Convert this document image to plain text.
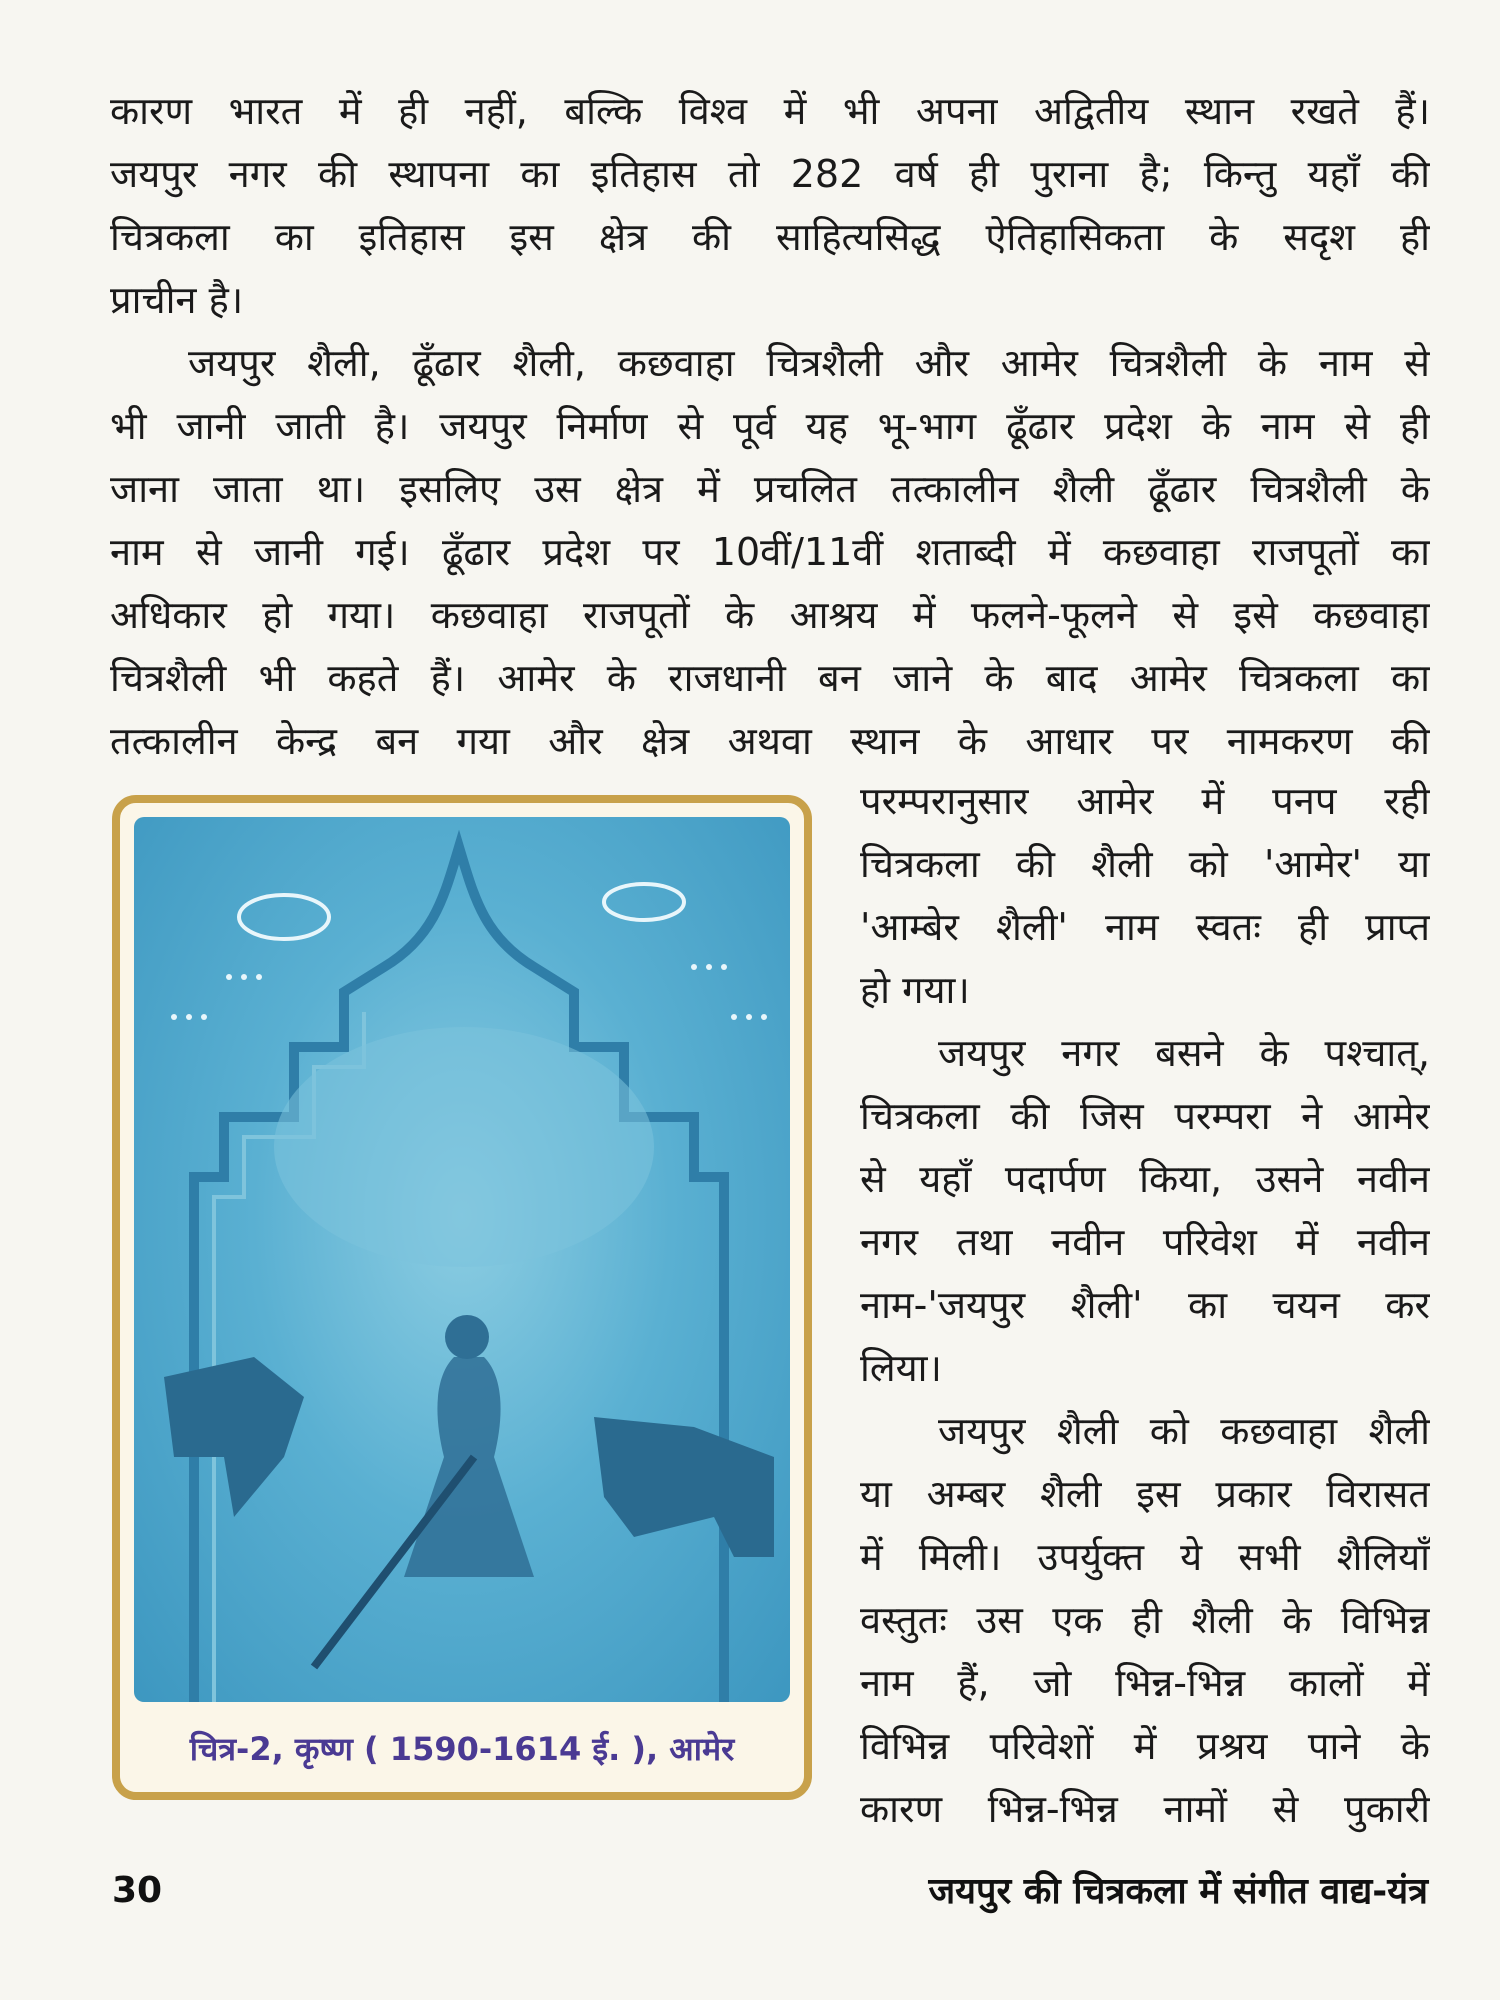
कारण भारत में ही नहीं, बल्कि विश्व में भी अपना अद्वितीय स्थान रखते हैं।
जयपुर नगर की स्थापना का इतिहास तो 282 वर्ष ही पुराना है; किन्तु यहाँ की
चित्रकला का इतिहास इस क्षेत्र की साहित्यसिद्ध ऐतिहासिकता के सदृश ही
प्राचीन है।
जयपुर शैली, ढूँढार शैली, कछवाहा चित्रशैली और आमेर चित्रशैली के नाम से
भी जानी जाती है। जयपुर निर्माण से पूर्व यह भू-भाग ढूँढार प्रदेश के नाम से ही
जाना जाता था। इसलिए उस क्षेत्र में प्रचलित तत्कालीन शैली ढूँढार चित्रशैली के
नाम से जानी गई। ढूँढार प्रदेश पर 10वीं/11वीं शताब्दी में कछवाहा राजपूतों का
अधिकार हो गया। कछवाहा राजपूतों के आश्रय में फलने-फूलने से इसे कछवाहा
चित्रशैली भी कहते हैं। आमेर के राजधानी बन जाने के बाद आमेर चित्रकला का
तत्कालीन केन्द्र बन गया और क्षेत्र अथवा स्थान के आधार पर नामकरण की
चित्र-2, कृष्ण ( 1590-1614 ई. ), आमेर
परम्परानुसार आमेर में पनप रही
चित्रकला की शैली को 'आमेर' या
'आम्बेर शैली' नाम स्वतः ही प्राप्त
हो गया।
जयपुर नगर बसने के पश्चात्,
चित्रकला की जिस परम्परा ने आमेर
से यहाँ पदार्पण किया, उसने नवीन
नगर तथा नवीन परिवेश में नवीन
नाम-'जयपुर शैली' का चयन कर
लिया।
जयपुर शैली को कछवाहा शैली
या अम्बर शैली इस प्रकार विरासत
में मिली। उपर्युक्त ये सभी शैलियाँ
वस्तुतः उस एक ही शैली के विभिन्न
नाम हैं, जो भिन्न-भिन्न कालों में
विभिन्न परिवेशों में प्रश्रय पाने के
कारण भिन्न-भिन्न नामों से पुकारी
30	जयपुर की चित्रकला में संगीत वाद्य-यंत्र
